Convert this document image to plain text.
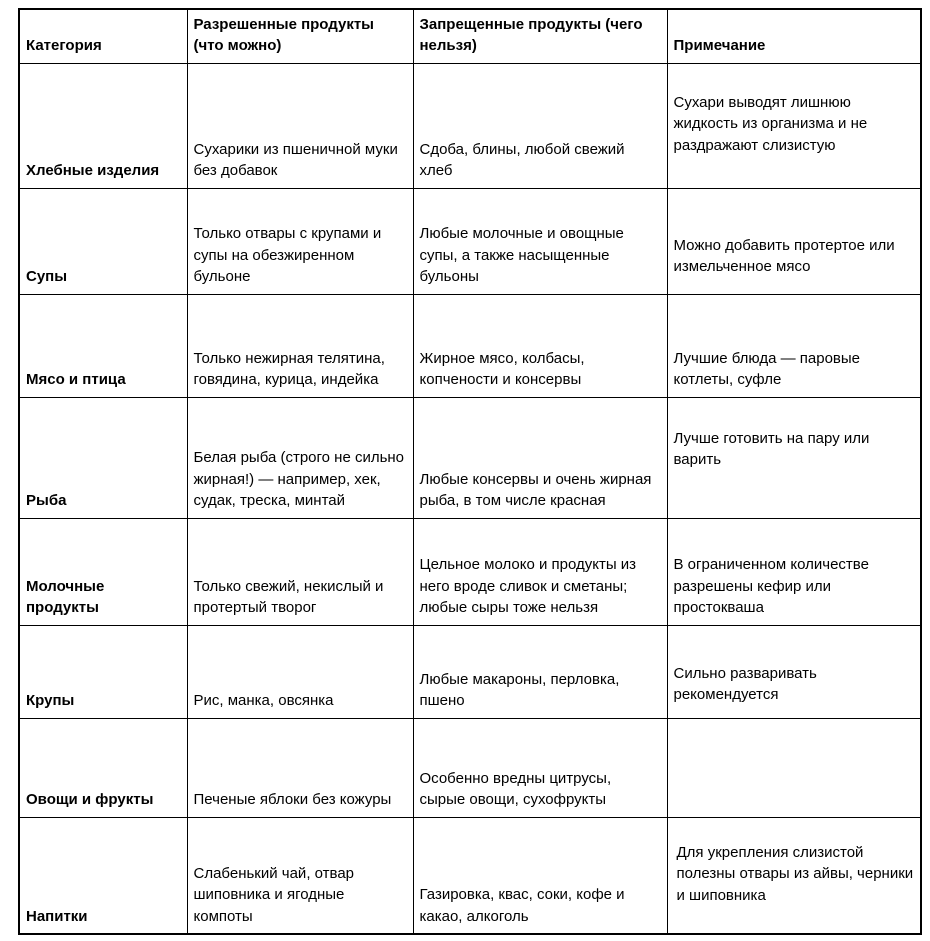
Категория	Разрешенные продукты (что можно)	Запрещенные продукты (чего нельзя)	Примечание
Хлебные изделия	Сухарики из пшеничной муки без добавок	Сдоба, блины, любой свежий хлеб	Сухари выводят лишнюю жидкость из организма и не раздражают слизистую
Супы	Только отвары с крупами и супы на обезжиренном бульоне	Любые молочные и овощные супы, а также насыщенные бульоны	Можно добавить протертое или измельченное мясо
Мясо и птица	Только нежирная телятина, говядина, курица, индейка	Жирное мясо, колбасы, копчености и консервы	Лучшие блюда — паровые котлеты, суфле
Рыба	Белая рыба (строго не сильно жирная!) — например, хек, судак, треска, минтай	Любые консервы и очень жирная рыба, в том числе красная	Лучше готовить на пару или варить
Молочные продукты	Только свежий, некислый и протертый творог	Цельное молоко и продукты из него вроде сливок и сметаны; любые сыры тоже нельзя	В ограниченном количестве разрешены кефир или простокваша
Крупы	Рис, манка, овсянка	Любые макароны, перловка, пшено	Сильно разваривать рекомендуется
Овощи и фрукты	Печеные яблоки без кожуры	Особенно вредны цитрусы, сырые овощи, сухофрукты	
Напитки	Слабенький чай, отвар шиповника и ягодные компоты	Газировка, квас, соки, кофе и какао, алкоголь	Для укрепления слизистой полезны отвары из айвы, черники и шиповника
